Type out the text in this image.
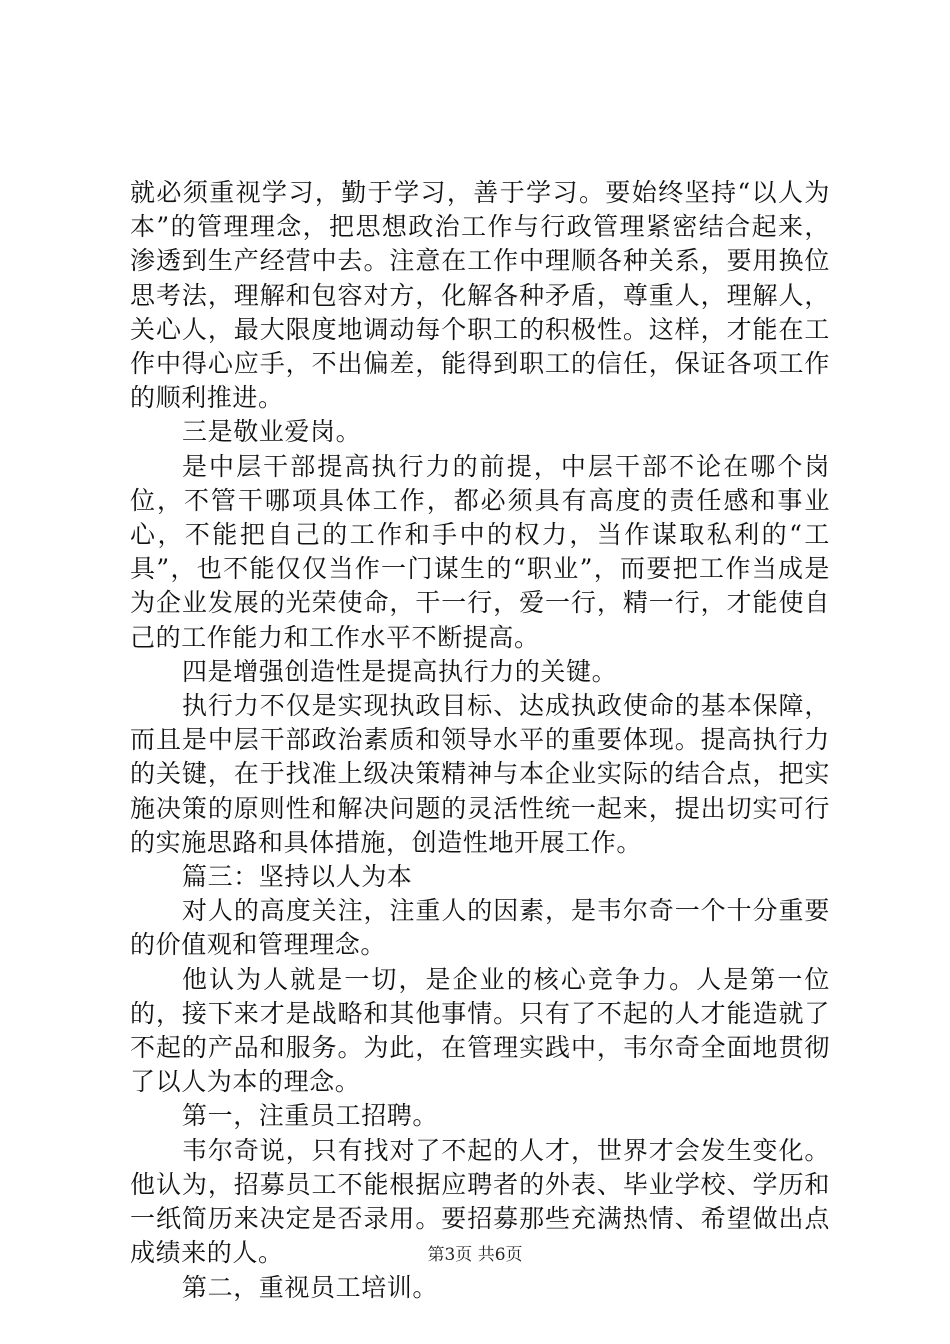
就必须重视学习，勤于学习，善于学习。要始终坚持“以人为本”的管理理念，把思想政治工作与行政管理紧密结合起来，渗透到生产经营中去。注意在工作中理顺各种关系，要用换位思考法，理解和包容对方，化解各种矛盾，尊重人，理解人，关心人，最大限度地调动每个职工的积极性。这样，才能在工作中得心应手，不出偏差，能得到职工的信任，保证各项工作的顺利推进。

三是敬业爱岗。

是中层干部提高执行力的前提，中层干部不论在哪个岗位，不管干哪项具体工作，都必须具有高度的责任感和事业心，不能把自己的工作和手中的权力，当作谋取私利的“工具”，也不能仅仅当作一门谋生的“职业”，而要把工作当成是为企业发展的光荣使命，干一行，爱一行，精一行，才能使自己的工作能力和工作水平不断提高。

四是增强创造性是提高执行力的关键。

执行力不仅是实现执政目标、达成执政使命的基本保障，而且是中层干部政治素质和领导水平的重要体现。提高执行力的关键，在于找准上级决策精神与本企业实际的结合点，把实施决策的原则性和解决问题的灵活性统一起来，提出切实可行的实施思路和具体措施，创造性地开展工作。

篇三：坚持以人为本

对人的高度关注，注重人的因素，是韦尔奇一个十分重要的价值观和管理理念。

他认为人就是一切，是企业的核心竞争力。人是第一位的，接下来才是战略和其他事情。只有了不起的人才能造就了不起的产品和服务。为此，在管理实践中，韦尔奇全面地贯彻了以人为本的理念。

第一，注重员工招聘。

韦尔奇说，只有找对了不起的人才，世界才会发生变化。他认为，招募员工不能根据应聘者的外表、毕业学校、学历和一纸简历来决定是否录用。要招募那些充满热情、希望做出点成绩来的人。

第二，重视员工培训。

第3页 共6页
